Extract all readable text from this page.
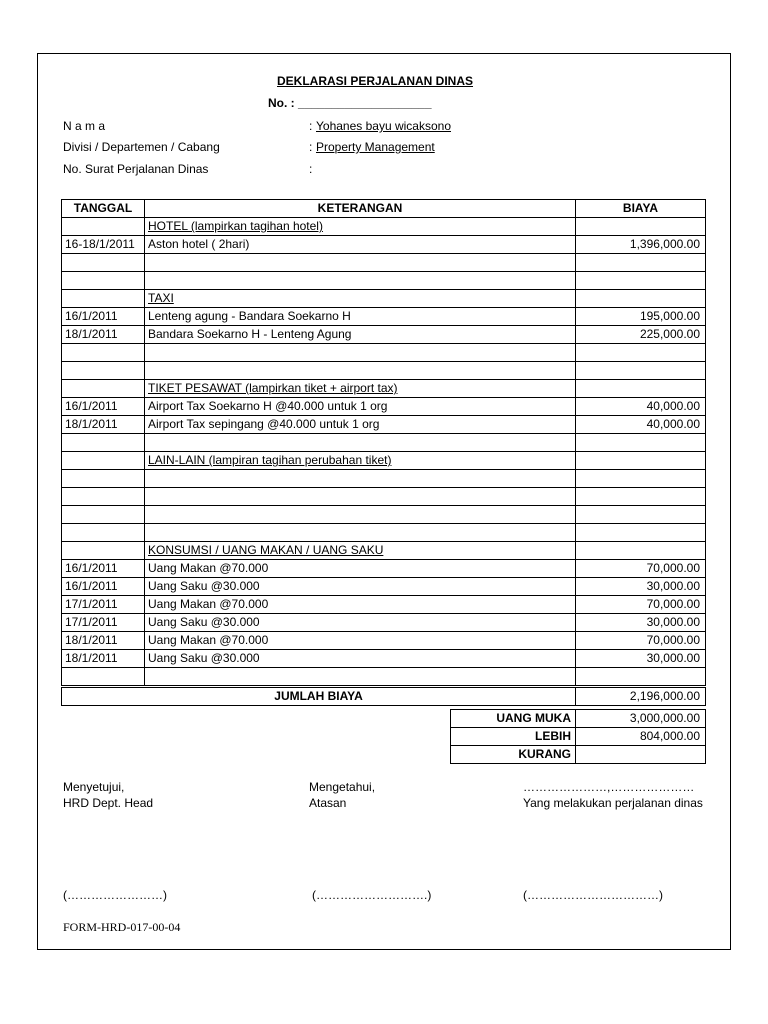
DEKLARASI PERJALANAN DINAS
No. : ____________________
N a m a	: Yohanes bayu wicaksono
Divisi / Departemen / Cabang	: Property Management
No. Surat Perjalanan Dinas	:
TANGGAL	KETERANGAN	BIAYA
	HOTEL (lampirkan tagihan hotel)	
16-18/1/2011	Aston hotel ( 2hari)	1,396,000.00

	TAXI	
16/1/2011	Lenteng agung - Bandara Soekarno H	195,000.00
18/1/2011	Bandara Soekarno H - Lenteng Agung	225,000.00

	TIKET PESAWAT (lampirkan tiket + airport tax)	
16/1/2011	Airport Tax Soekarno H @40.000 untuk 1 org	40,000.00
18/1/2011	Airport Tax sepingang @40.000 untuk 1 org	40,000.00

	LAIN-LAIN (lampiran tagihan perubahan tiket)	

	KONSUMSI / UANG MAKAN / UANG SAKU	
16/1/2011	Uang Makan @70.000	70,000.00
16/1/2011	Uang Saku @30.000	30,000.00
17/1/2011	Uang Makan @70.000	70,000.00
17/1/2011	Uang Saku @30.000	30,000.00
18/1/2011	Uang Makan @70.000	70,000.00
18/1/2011	Uang Saku @30.000	30,000.00

JUMLAH BIAYA		2,196,000.00
UANG MUKA	3,000,000.00
LEBIH	804,000.00
KURANG	
Menyetujui,
HRD Dept. Head
(……………………)
Mengetahui,
Atasan
(……………………….)
…………………,…………………
Yang melakukan perjalanan dinas
(……………………………)
FORM-HRD-017-00-04
